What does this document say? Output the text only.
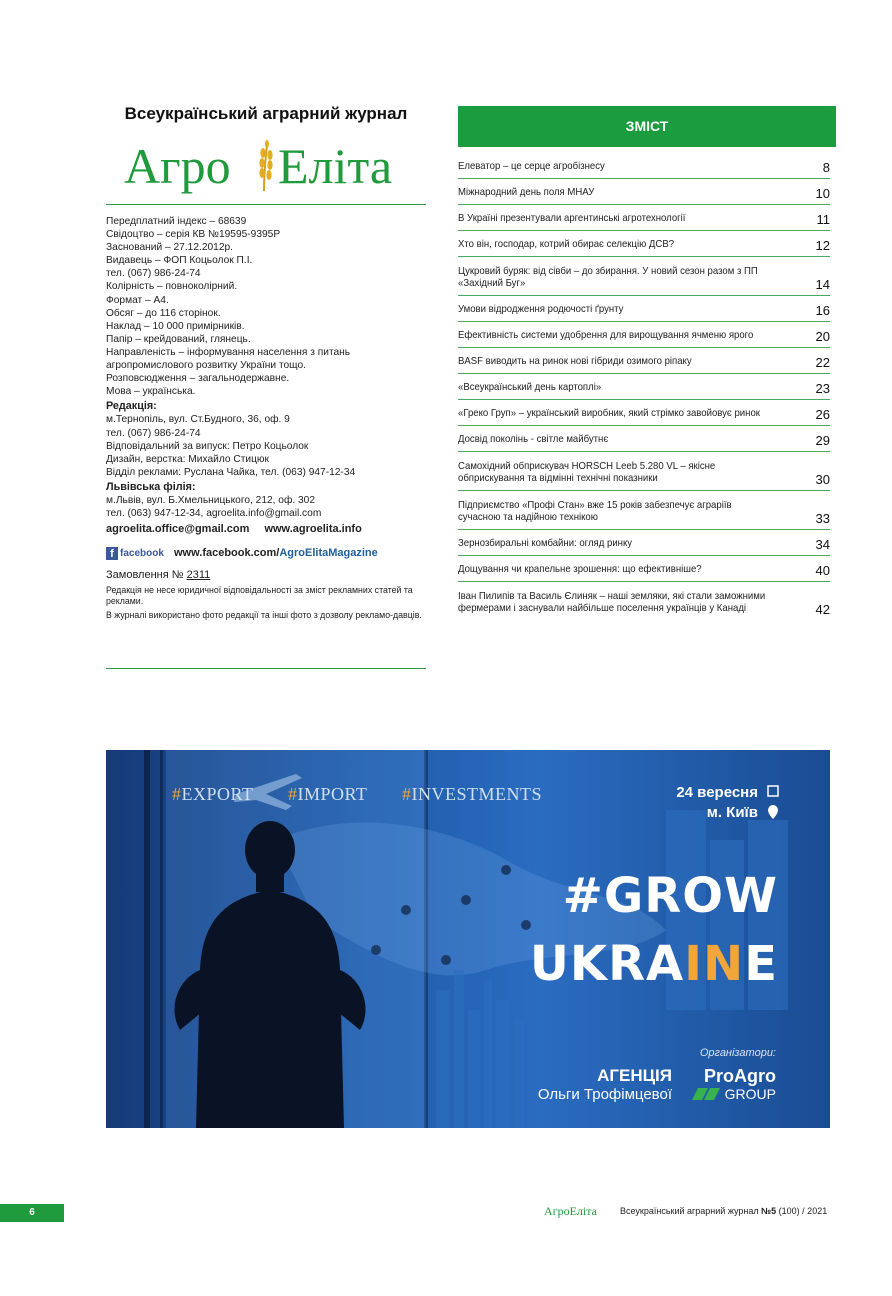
Всеукраїнський аграрний журнал
Агро Еліта
Передплатний індекс – 68639
Свідоцтво – серія КВ №19595-9395Р
Заснований – 27.12.2012р.
Видавець – ФОП Коцьолок П.І.
тел. (067) 986-24-74
Колірність – повноколірний.
Формат – А4.
Обсяг – до 116 сторінок.
Наклад – 10 000 примірників.
Папір – крейдований, глянець.
Направленість – інформування населення з питань агропромислового розвитку України тощо.
Розповсюдження – загальнодержавне.
Мова – українська.
Редакція:
м.Тернопіль, вул. Ст.Будного, 36, оф. 9
тел. (067) 986-24-74
Відповідальний за випуск: Петро Коцьолок
Дизайн, верстка: Михайло Стицюк
Відділ реклами: Руслана Чайка, тел. (063) 947-12-34
Львівська філія:
м.Львів, вул. Б.Хмельницького, 212, оф. 302
тел. (063) 947-12-34, agroelita.info@gmail.com
agroelita.office@gmail.com www.agroelita.info
f facebook www.facebook.com/AgroElitaMagazine
Замовлення № 2311
Редакція не несе юридичної відповідальності за зміст рекламних статей та реклами.
В журналі використано фото редакції та інші фото з дозволу рекламо-давців.
ЗМІСТ
Елеватор – це серце агробізнесу	8
Міжнародний день поля МНАУ	10
В Україні презентували аргентинські агротехнології	11
Хто він, господар, котрий обирає селекцію ДСВ?	12
Цукровий буряк: від сівби – до збирання. У новий сезон разом з ПП «Західний Буг»	14
Умови відродження родючості ґрунту	16
Ефективність системи удобрення для вирощування ячменю ярого	20
BASF виводить на ринок нові гібриди озимого ріпаку	22
«Всеукраїнський день картоплі»	23
«Греко Груп» – український виробник, який стрімко завойовує ринок	26
Досвід поколінь - світле майбутнє	29
Самохідний обприскувач HORSCH Leeb 5.280 VL – якісне обприскування та відмінні технічні показники	30
Підприємство «Профі Стан» вже 15 років забезпечує аграріїв сучасною та надійною технікою	33
Зернозбиральні комбайни: огляд ринку	34
Дощування чи крапельне зрошення: що ефективніше?	40
Іван Пилипів та Василь Єлиняк – наші земляки, які стали заможними фермерами і заснували найбільше поселення українців у Канаді	42
#EXPORT #IMPORT #INVESTMENTS	24 вересня
м. Київ
#GROW
UKRAINE
Організатори:
АГЕНЦІЯ
Ольги Трофімцевої
ProAgro
GROUP
6	АгроЕліта	Всеукраїнський аграрний журнал №5 (100) / 2021
